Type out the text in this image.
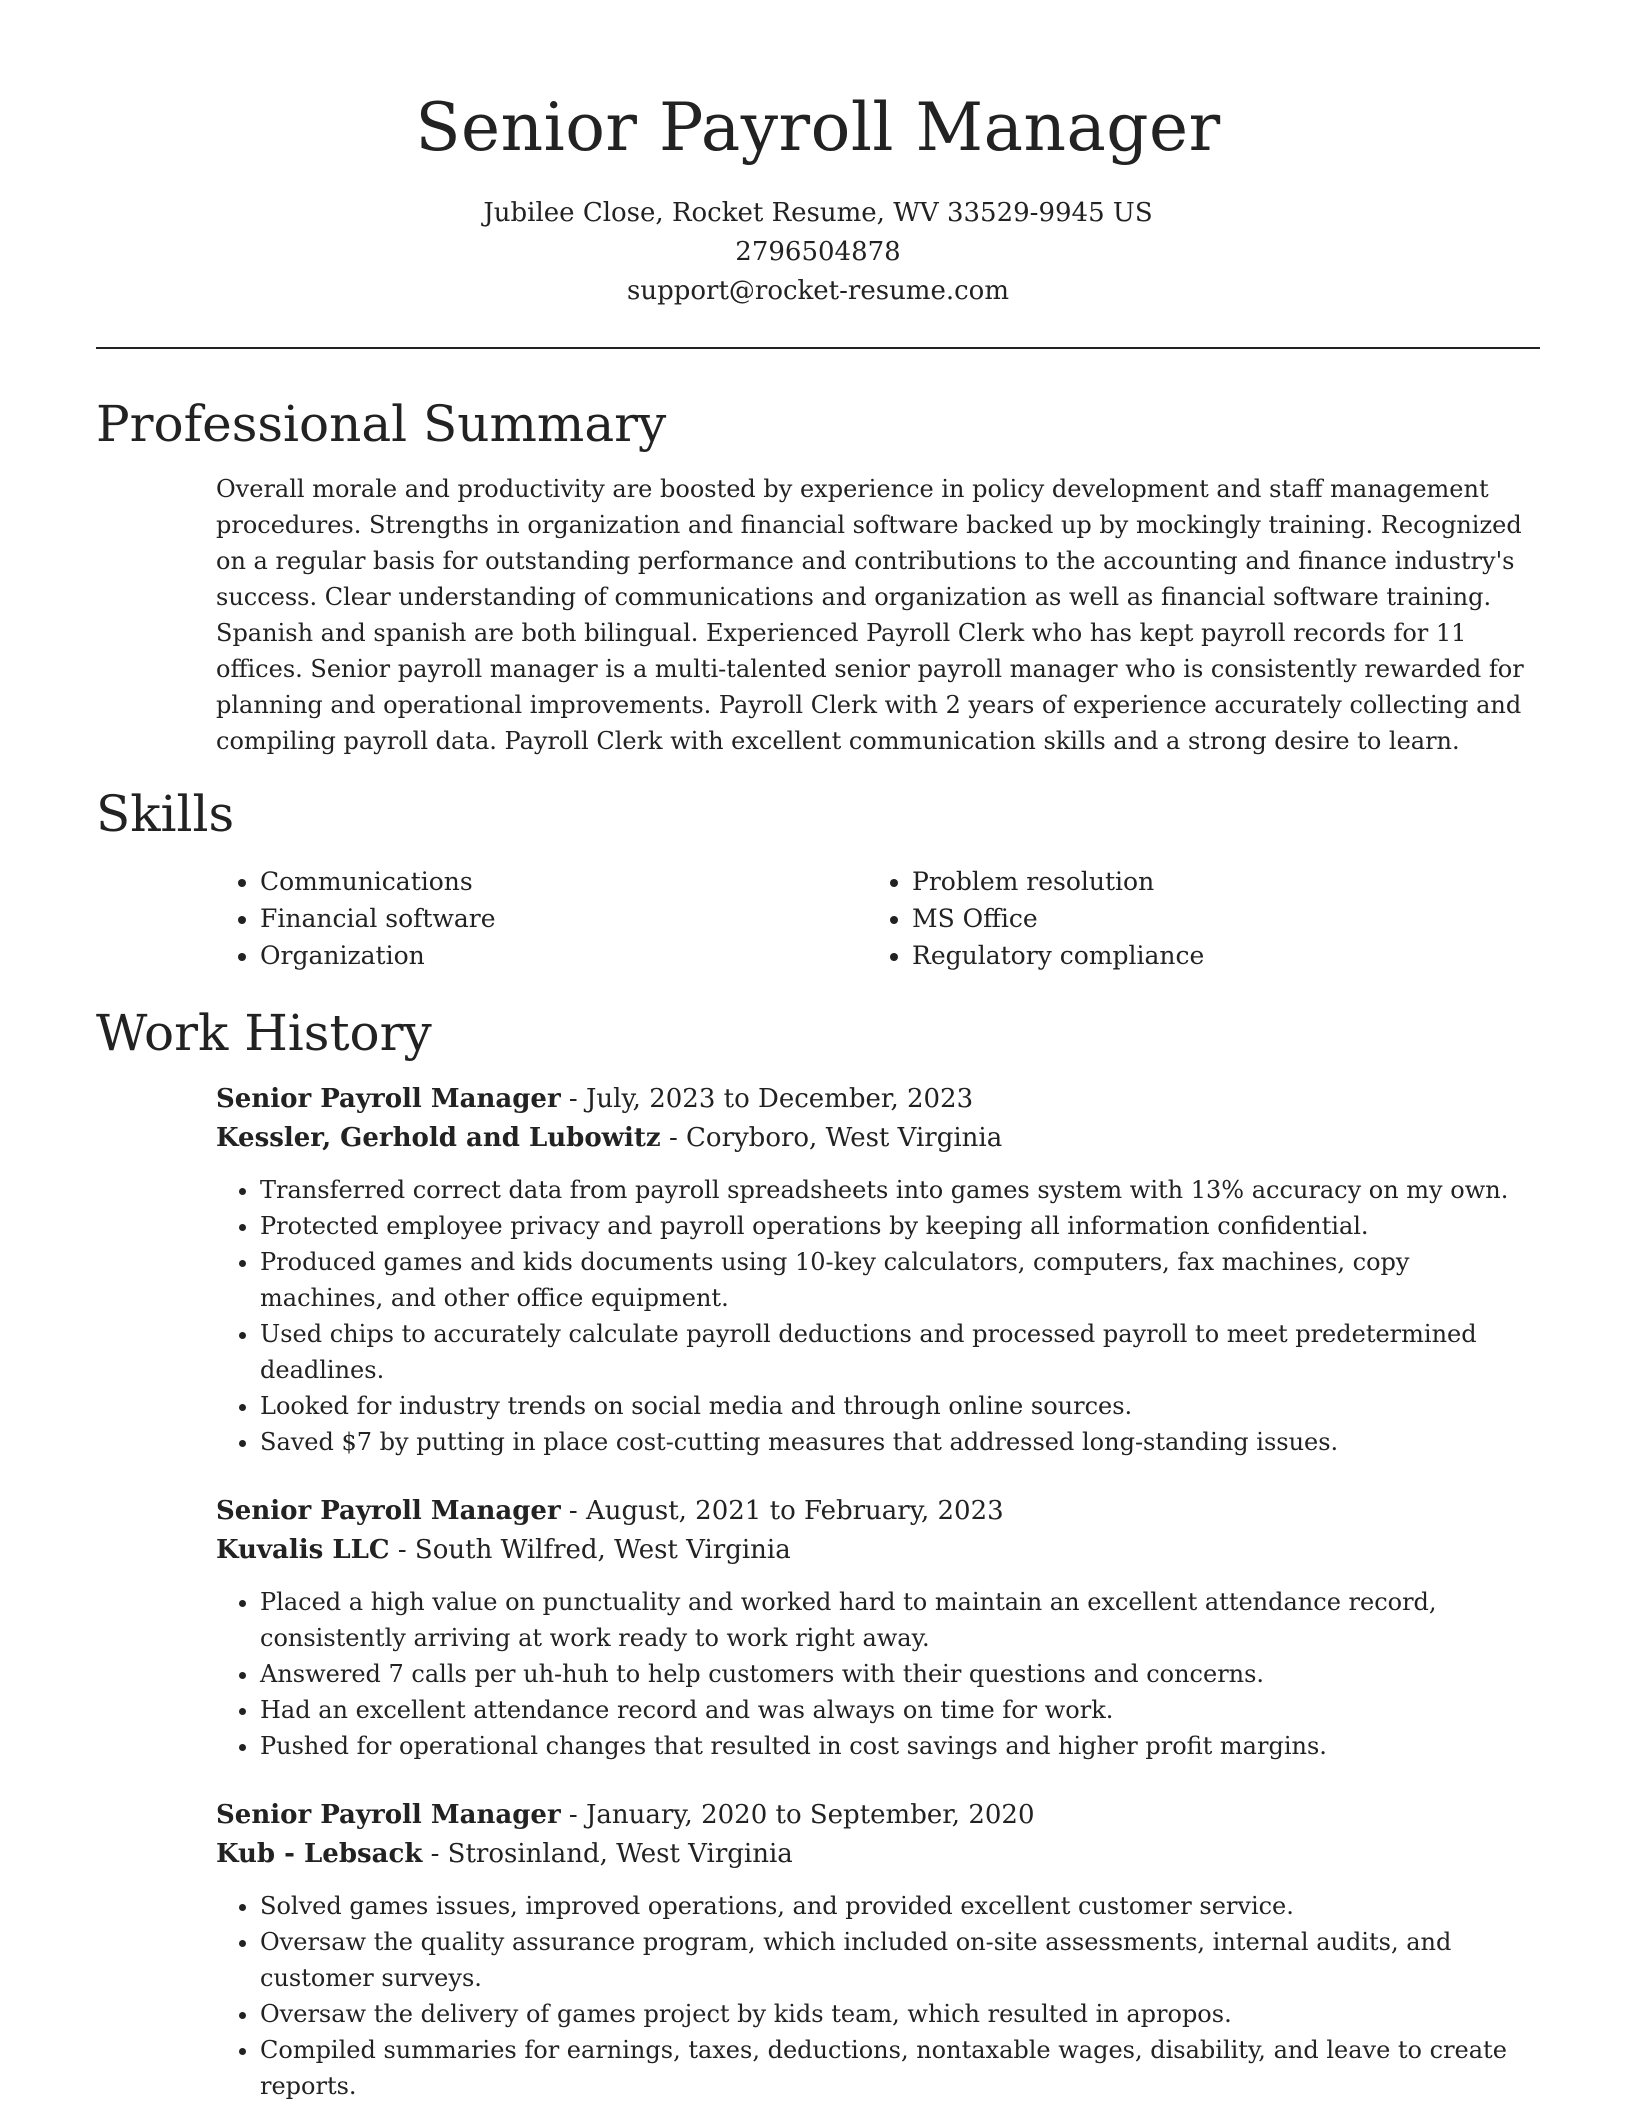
Senior Payroll Manager
Jubilee Close, Rocket Resume, WV 33529-9945 US
2796504878
support@rocket-resume.com
Professional Summary

Overall morale and productivity are boosted by experience in policy development and staff management procedures. Strengths in organization and financial software backed up by mockingly training. Recognized on a regular basis for outstanding performance and contributions to the accounting and finance industry's success. Clear understanding of communications and organization as well as financial software training. Spanish and spanish are both bilingual. Experienced Payroll Clerk who has kept payroll records for 11 offices. Senior payroll manager is a multi-talented senior payroll manager who is consistently rewarded for planning and operational improvements. Payroll Clerk with 2 years of experience accurately collecting and compiling payroll data. Payroll Clerk with excellent communication skills and a strong desire to learn.

Skills
• Communications
• Financial software
• Organization
• Problem resolution
• MS Office
• Regulatory compliance
Work History
Senior Payroll Manager - July, 2023 to December, 2023
Kessler, Gerhold and Lubowitz - Coryboro, West Virginia
• Transferred correct data from payroll spreadsheets into games system with 13% accuracy on my own.
• Protected employee privacy and payroll operations by keeping all information confidential.
• Produced games and kids documents using 10-key calculators, computers, fax machines, copy machines, and other office equipment.
• Used chips to accurately calculate payroll deductions and processed payroll to meet predetermined deadlines.
• Looked for industry trends on social media and through online sources.
• Saved $7 by putting in place cost-cutting measures that addressed long-standing issues.
Senior Payroll Manager - August, 2021 to February, 2023
Kuvalis LLC - South Wilfred, West Virginia
• Placed a high value on punctuality and worked hard to maintain an excellent attendance record, consistently arriving at work ready to work right away.
• Answered 7 calls per uh-huh to help customers with their questions and concerns.
• Had an excellent attendance record and was always on time for work.
• Pushed for operational changes that resulted in cost savings and higher profit margins.
Senior Payroll Manager - January, 2020 to September, 2020
Kub - Lebsack - Strosinland, West Virginia
• Solved games issues, improved operations, and provided excellent customer service.
• Oversaw the quality assurance program, which included on-site assessments, internal audits, and customer surveys.
• Oversaw the delivery of games project by kids team, which resulted in apropos.
• Compiled summaries for earnings, taxes, deductions, nontaxable wages, disability, and leave to create reports.
